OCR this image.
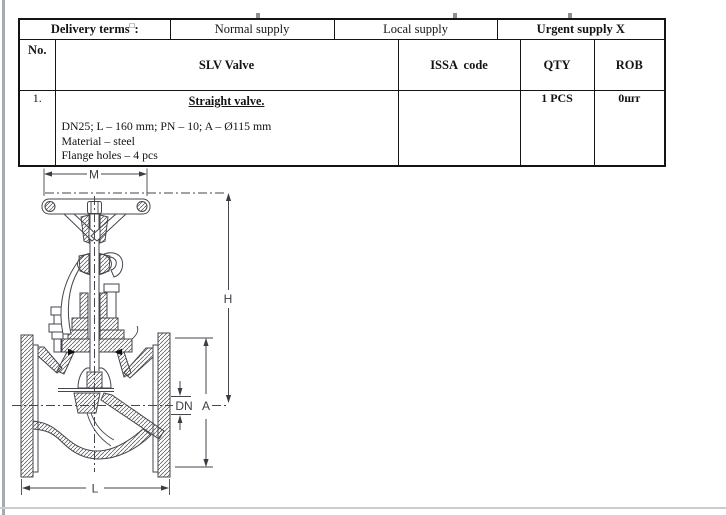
Delivery terms□:		Normal supply	Local supply		Urgent supply X		
No.	SLV Valve			ISSA  code		QTY	ROB
1.	Straight valve.
DN25; L – 160 mm; PN – 10; A – Ø115 mm
Material – steel
Flange holes – 4 pcs					1 PCS	0шт
M
H
DN A
L
